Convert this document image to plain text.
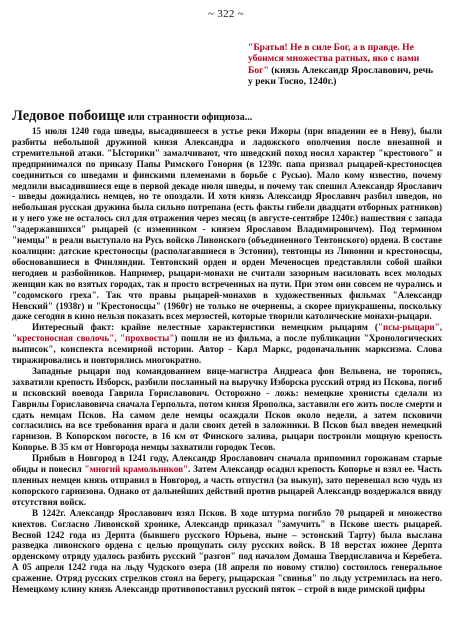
~ 322 ~
"Братья! Не в силе Бог, а в правде. Не убоимся множества ратных, яко с нами Бог" (князь Александр Ярославович, речь у реки Тосно, 1240г.)
Ледовое побоище или странности официоза...

15 июля 1240 года шведы, высадившееся в устье реки Ижоры (при впадении ее в Неву), были разбиты небольшой дружиной князя Александра и ладожского ополчения после внезапной и стремительной атаки. "Ысторики" замалчивают, что шведский поход носил характер "крестового" и предпринимался по приказу Папы Римского Гонория (в 1239г. папа призвал рыцарей-крестоносцев соединиться со шведами и финскими племенами в борьбе с Русью). Мало кому известно, почему медлили высадившиеся еще в первой декаде июля шведы, и почему так спешил Александр Ярославич - шведы дожидались немцев, но те опоздали. И хотя князь Александр Ярославич разбил шведов, но небольшая русская дружина была сильно потрепана (есть факты гибели двадцати отборных ратников) и у него уже не осталось сил для отражения через месяц (в августе-сентябре 1240г.) нашествия с запада "задержавшихся" рыцарей (с изменником - князем Ярославом Владимировичем). Под термином "немцы" в реали выступало на Русь войско Ливонского (объединенного Тевтонского) ордена. В составе коалиции: датские крестоносцы (располагавшиеся в Эстонии), тевтонцы из Ливонии и крестоносцы, обосновавшиеся в Финляндии. Тевтонский орден и орден Меченосцев представляли собой шайки негодяев и разбойников. Например, рыцари-монахи не считали зазорным насиловать всех молодых женщин как во взятых городах, так и просто встреченных на пути. При этом они совсем не чурались и "содомского греха". Так что правы рыцарей-монахов в художественных фильмах "Александр Невский" (1938г) и "Крестоносцы" (1960г) не только не очернены, а скорее приукрашены, поскольку даже сегодня в кино нельзя показать всех мерзостей, которые творили католические монахи-рыцари.

Интересный факт: крайне нелестные характеристики немецким рыцарям ("псы-рыцари", "крестоносная сволочь", "прохвосты") пошли не из фильма, а после публикации "Хронологических выписок", конспекта всемирной истории. Автор - Карл Маркс, родоначальник марксизма. Слова тиражировались и повторялись многократно.

Западные рыцари под командованием вице-магистра Андреаса фон Вельвена, не торопясь, захватили крепость Изборск, разбили посланный на выручку Изборска русский отряд из Пскова, погиб и псковский воевода Гаврила Гориславович. Осторожно - ложь: немецкие хронисты сделали из Гаврилы Гориславовича сначала Герпольта, потом князя Ярополка, заставили его жить после смерти и сдать немцам Псков. На самом деле немцы осаждали Псков около недели, а затем псковичи согласились на все требования врага и дали своих детей в заложники. В Псков был введен немецкий гарнизон. В Копорском погосте, в 16 км от Финского залива, рыцари построили мощную крепость Копорье. В 35 км от Новгорода немцы захватили городок Тесов.

Прибыв в Новгород в 1241 году, Александр Ярославович сначала припомнил горожанам старые обиды и повесил "многий крамольников". Затем Александр осадил крепость Копорье и взял ее. Часть пленных немцев князь отправил в Новгород, а часть отпустил (за выкуп), зато перевешал всю чудь из копорского гарнизона. Однако от дальнейших действий против рыцарей Александр воздержался ввиду отсутствия войск.

В 1242г. Александр Ярославович взял Псков. В ходе штурма погибло 70 рыцарей и множество кнехтов. Согласно Ливонской хронике, Александр приказал "замучить" в Пскове шесть рыцарей. Весной 1242 года из Дерпта (бывшего русского Юрьева, ныне – эстонский Тарту) была выслана разведка ливонского ордена с целью прощупать силу русских войск. В 18 верстах южнее Дерпта орденскому отряду удалось разбить русский "разгон" под началом Домаша Твердиславича и Керебета. А 05 апреля 1242 года на льду Чудского озера (18 апреля по новому стилю) состоялось генеральное сражение. Отряд русских стрелков стоял на берегу, рыцарская "свинья" по льду устремилась на него. Немецкому клину князь Александр противопоставил русский пяток – строй в виде римской цифры
